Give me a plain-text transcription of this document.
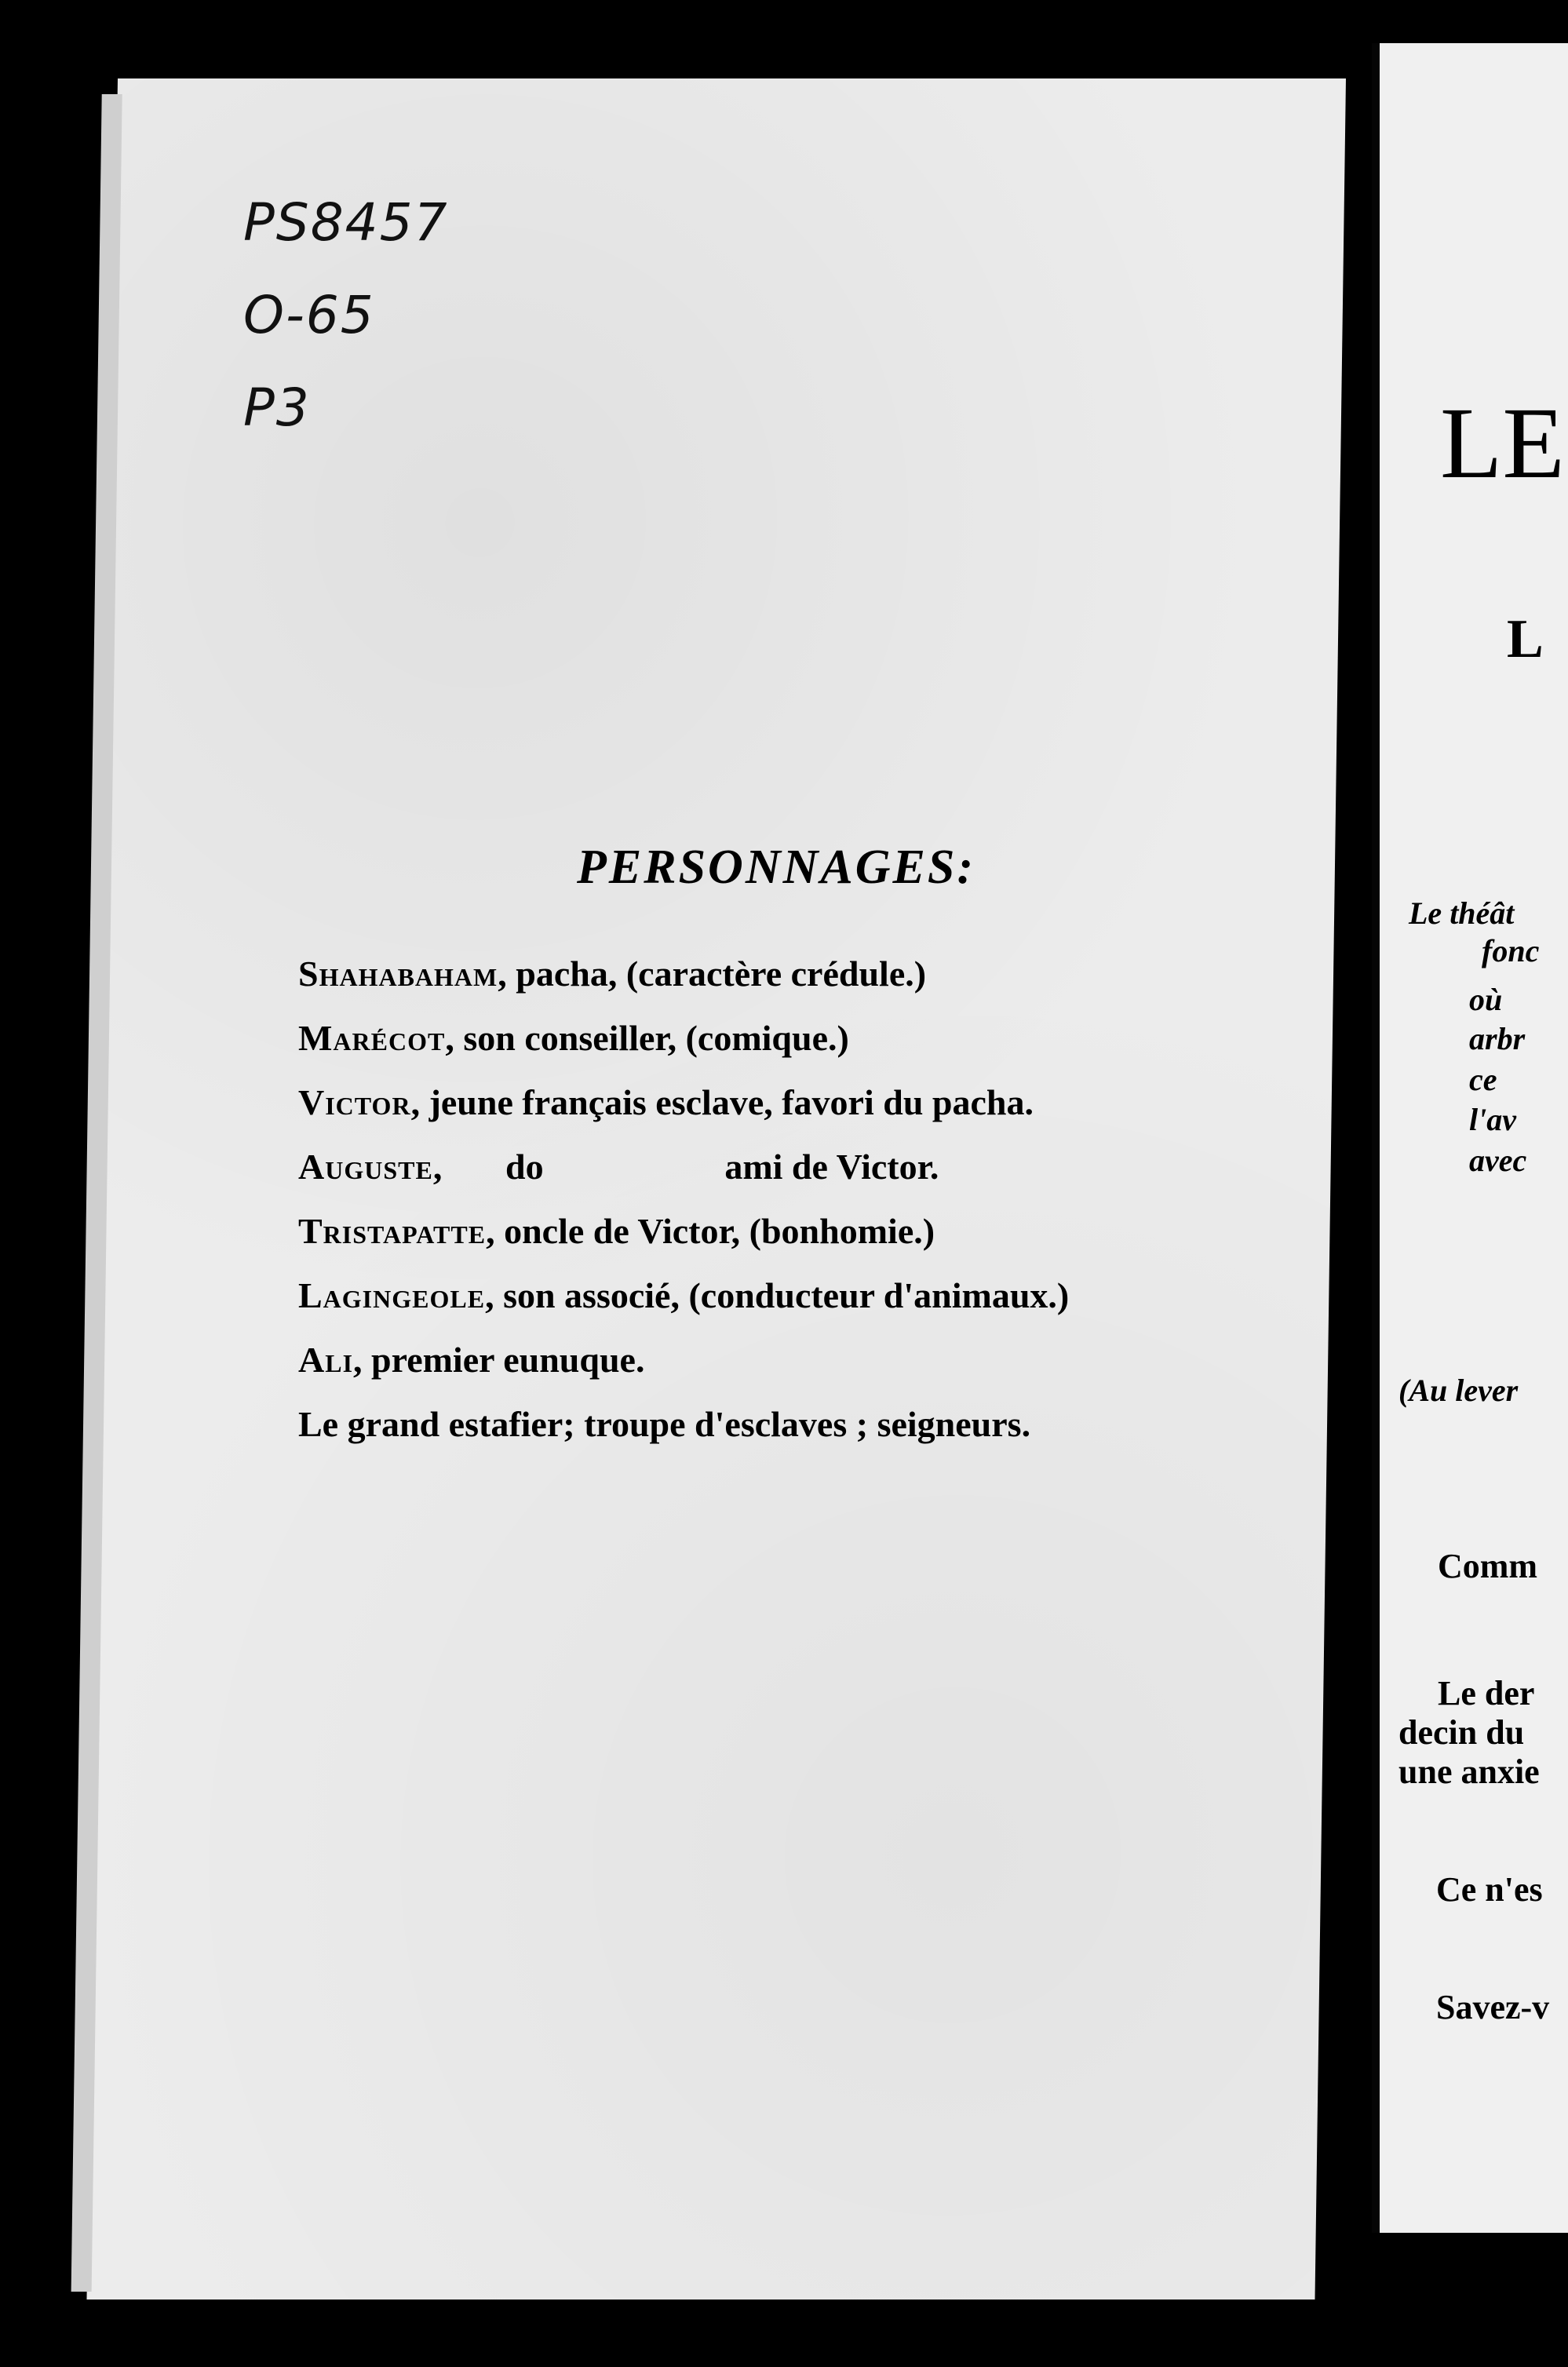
PS8457
O-65
P3
PERSONNAGES:
Shahabaham, pacha, (caractère crédule.)
Marécot, son conseiller, (comique.)
Victor, jeune français esclave, favori du pacha.
Auguste, do	ami de Victor.
Tristapatte, oncle de Victor, (bonhomie.)
Lagingeole, son associé, (conducteur d'animaux.)
Ali, premier eunuque.
Le grand estafier; troupe d'esclaves ; seigneurs.
LE
L
Le théât
fonc
où
arbr
ce
l'av
avec
(Au lever
Comm
Le der
decin du
une anxie
Ce n'es
Savez-v
